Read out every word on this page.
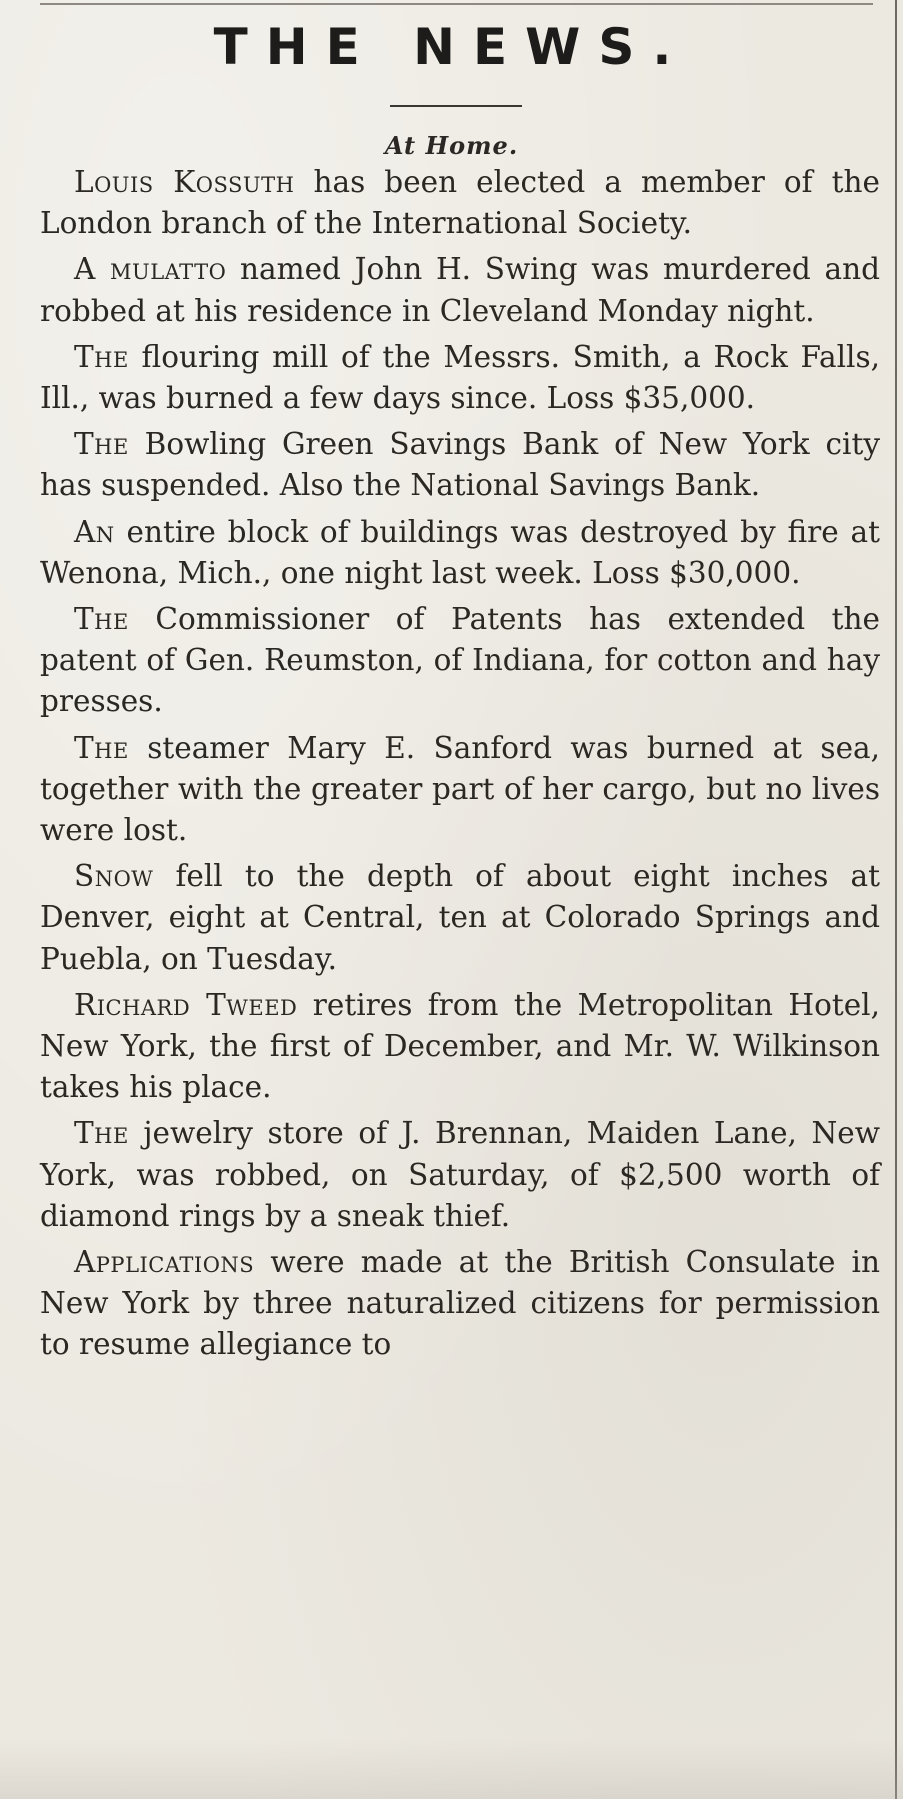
THE NEWS.
At Home.

Louis Kossuth has been elected a member of the London branch of the International Society.

A mulatto named John H. Swing was murdered and robbed at his residence in Cleveland Monday night.

The flouring mill of the Messrs. Smith, a Rock Falls, Ill., was burned a few days since. Loss $35,000.

The Bowling Green Savings Bank of New York city has suspended. Also the National Savings Bank.

An entire block of buildings was destroyed by fire at Wenona, Mich., one night last week. Loss $30,000.

The Commissioner of Patents has extended the patent of Gen. Reumston, of Indiana, for cotton and hay presses.

The steamer Mary E. Sanford was burned at sea, together with the greater part of her cargo, but no lives were lost.

Snow fell to the depth of about eight inches at Denver, eight at Central, ten at Colorado Springs and Puebla, on Tuesday.

Richard Tweed retires from the Metropolitan Hotel, New York, the first of December, and Mr. W. Wilkinson takes his place.

The jewelry store of J. Brennan, Maiden Lane, New York, was robbed, on Saturday, of $2,500 worth of diamond rings by a sneak thief.

Applications were made at the British Consulate in New York by three naturalized citizens for permission to resume allegiance to
